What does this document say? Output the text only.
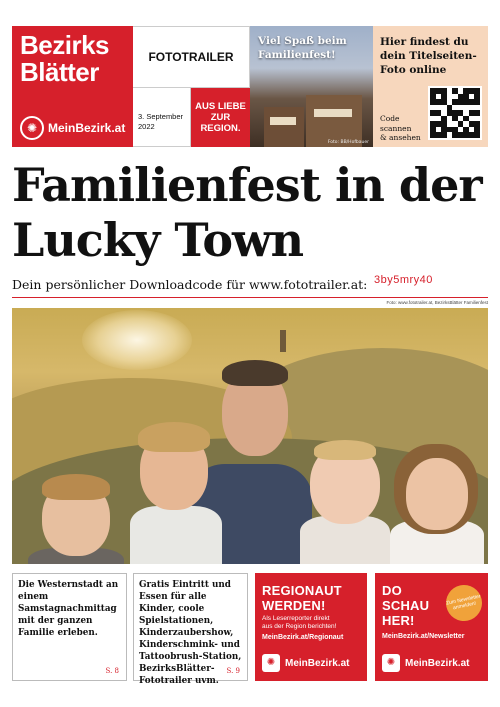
Bezirks
Blätter
✺ MeinBezirk.at
FOTOTRAILER
3. September 2022
AUS LIEBE ZUR REGION.
Viel Spaß beim Familienfest!
Foto: BB/Hofbauer
Hier findest du dein Titelseiten-Foto online
Code
scannen
& ansehen
Familienfest in der
Lucky Town
Dein persönlicher Downloadcode für www.fototrailer.at: 3by5mry40
Foto: www.fototrailer.at, BezirksBlätter Familienfest
Die Westernstadt an einem Samstagnachmittag mit der ganzen Familie erleben.
S. 8
Gratis Eintritt und Essen für alle Kinder, coole Spielstationen, Kinderzaubershow, Kinderschmink- und Tattoobrush-Station, BezirksBlätter-Fototrailer uvm.
S. 9
REGIONAUT
WERDEN!
Als Leserreporter direkt
aus der Region berichten!
MeinBezirk.at/Regionaut
✺ MeinBezirk.at
DO
SCHAU
HER!
Zum Newsletter anmelden!
MeinBezirk.at/Newsletter
✺ MeinBezirk.at
